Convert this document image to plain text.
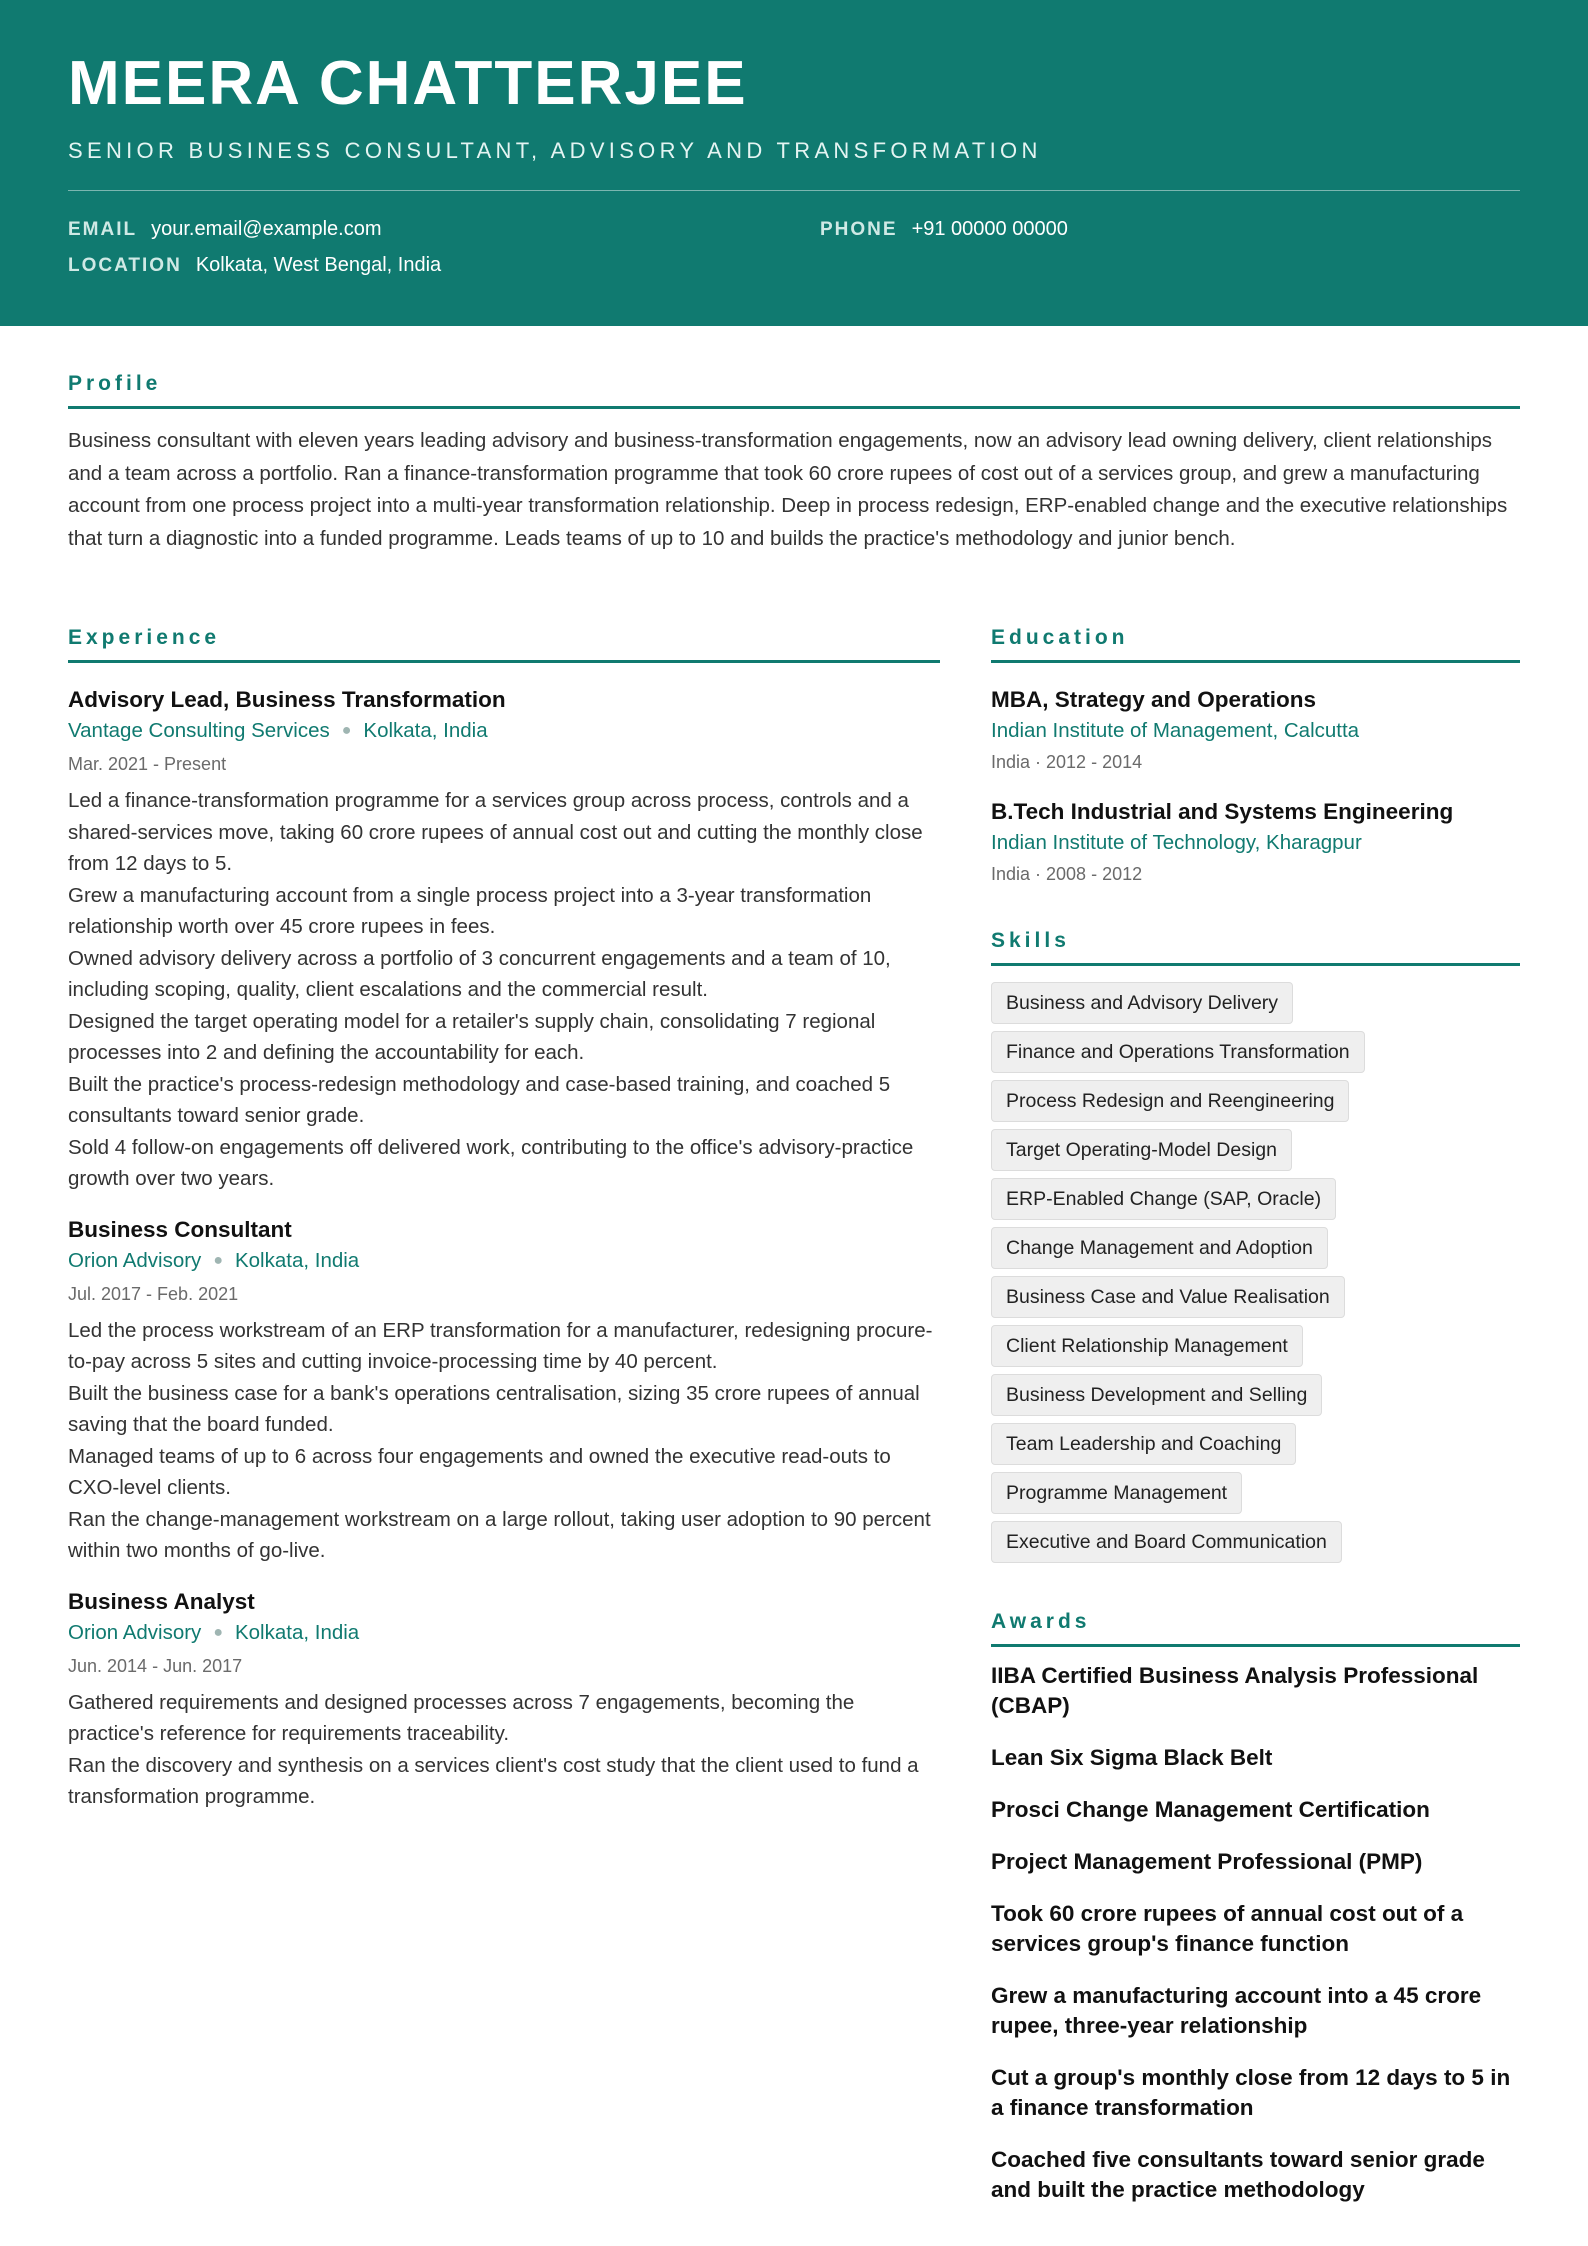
MEERA CHATTERJEE
SENIOR BUSINESS CONSULTANT, ADVISORY AND TRANSFORMATION
EMAIL your.email@example.com	PHONE +91 00000 00000
LOCATION Kolkata, West Bengal, India
Profile
Business consultant with eleven years leading advisory and business-transformation engagements, now an advisory lead owning delivery, client relationships and a team across a portfolio. Ran a finance-transformation programme that took 60 crore rupees of cost out of a services group, and grew a manufacturing account from one process project into a multi-year transformation relationship. Deep in process redesign, ERP-enabled change and the executive relationships that turn a diagnostic into a funded programme. Leads teams of up to 10 and builds the practice's methodology and junior bench.
Experience
Advisory Lead, Business Transformation
Vantage Consulting Services ● Kolkata, India
Mar. 2021 - Present
Led a finance-transformation programme for a services group across process, controls and a shared-services move, taking 60 crore rupees of annual cost out and cutting the monthly close from 12 days to 5.
Grew a manufacturing account from a single process project into a 3-year transformation relationship worth over 45 crore rupees in fees.
Owned advisory delivery across a portfolio of 3 concurrent engagements and a team of 10, including scoping, quality, client escalations and the commercial result.
Designed the target operating model for a retailer's supply chain, consolidating 7 regional processes into 2 and defining the accountability for each.
Built the practice's process-redesign methodology and case-based training, and coached 5 consultants toward senior grade.
Sold 4 follow-on engagements off delivered work, contributing to the office's advisory-practice growth over two years.
Business Consultant
Orion Advisory ● Kolkata, India
Jul. 2017 - Feb. 2021
Led the process workstream of an ERP transformation for a manufacturer, redesigning procure-to-pay across 5 sites and cutting invoice-processing time by 40 percent.
Built the business case for a bank's operations centralisation, sizing 35 crore rupees of annual saving that the board funded.
Managed teams of up to 6 across four engagements and owned the executive read-outs to CXO-level clients.
Ran the change-management workstream on a large rollout, taking user adoption to 90 percent within two months of go-live.
Business Analyst
Orion Advisory ● Kolkata, India
Jun. 2014 - Jun. 2017
Gathered requirements and designed processes across 7 engagements, becoming the practice's reference for requirements traceability.
Ran the discovery and synthesis on a services client's cost study that the client used to fund a transformation programme.
Education
MBA, Strategy and Operations
Indian Institute of Management, Calcutta
India · 2012 - 2014
B.Tech Industrial and Systems Engineering
Indian Institute of Technology, Kharagpur
India · 2008 - 2012
Skills
Business and Advisory Delivery
Finance and Operations Transformation
Process Redesign and Reengineering
Target Operating-Model Design
ERP-Enabled Change (SAP, Oracle)
Change Management and Adoption
Business Case and Value Realisation
Client Relationship Management
Business Development and Selling
Team Leadership and Coaching
Programme Management
Executive and Board Communication
Awards
IIBA Certified Business Analysis Professional (CBAP)
Lean Six Sigma Black Belt
Prosci Change Management Certification
Project Management Professional (PMP)
Took 60 crore rupees of annual cost out of a services group's finance function
Grew a manufacturing account into a 45 crore rupee, three-year relationship
Cut a group's monthly close from 12 days to 5 in a finance transformation
Coached five consultants toward senior grade and built the practice methodology
